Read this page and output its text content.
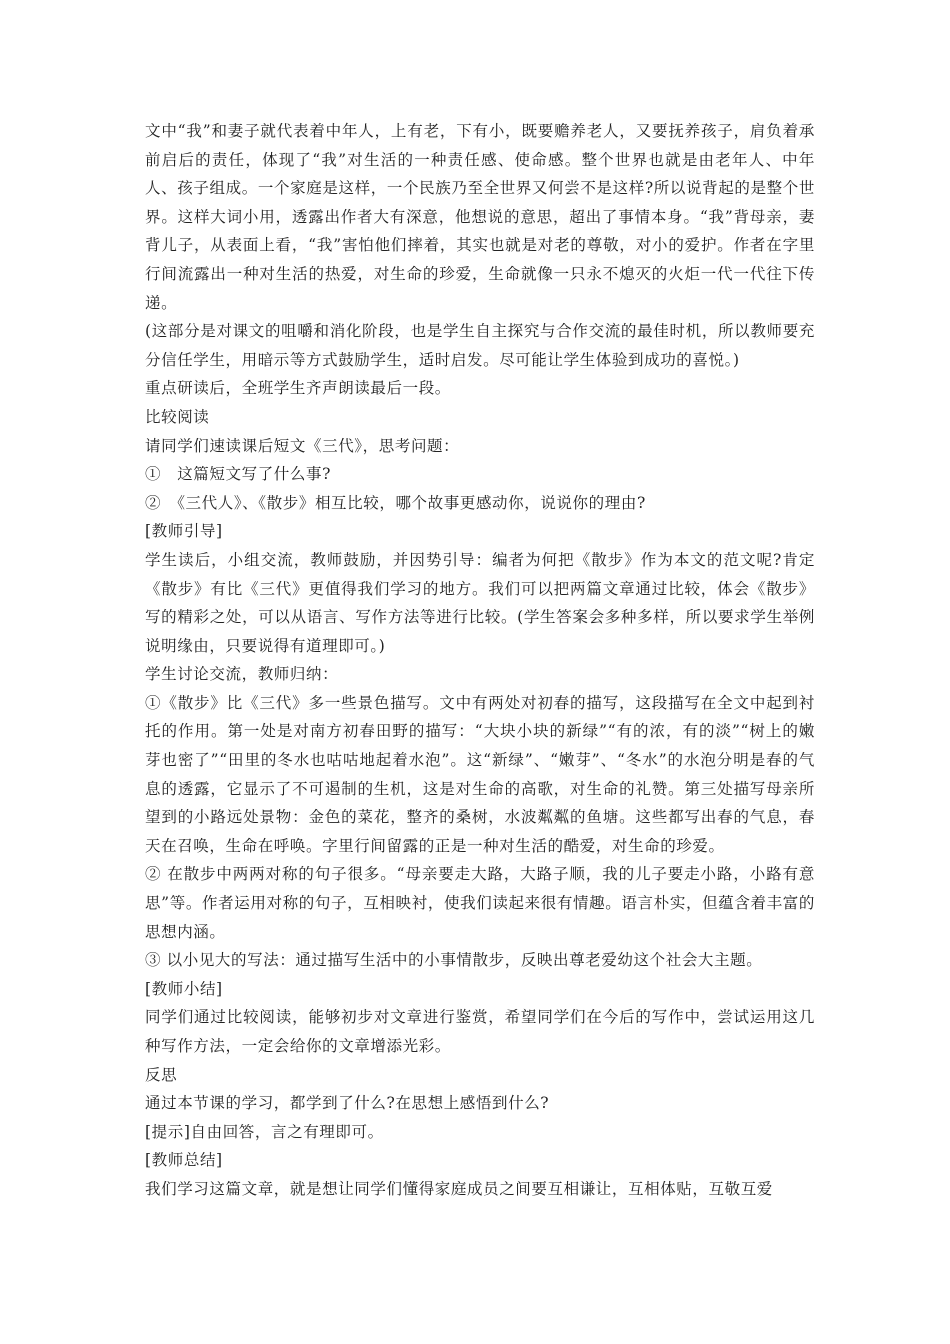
文中“我”和妻子就代表着中年人，上有老，下有小，既要赡养老人，又要抚养孩子，肩负着承前启后的责任，体现了“我”对生活的一种责任感、使命感。整个世界也就是由老年人、中年人、孩子组成。一个家庭是这样，一个民族乃至全世界又何尝不是这样?所以说背起的是整个世界。这样大词小用，透露出作者大有深意，他想说的意思，超出了事情本身。“我”背母亲，妻背儿子，从表面上看，“我”害怕他们摔着，其实也就是对老的尊敬，对小的爱护。作者在字里行间流露出一种对生活的热爱，对生命的珍爱，生命就像一只永不熄灭的火炬一代一代往下传递。

(这部分是对课文的咀嚼和消化阶段，也是学生自主探究与合作交流的最佳时机，所以教师要充分信任学生，用暗示等方式鼓励学生，适时启发。尽可能让学生体验到成功的喜悦。)

重点研读后，全班学生齐声朗读最后一段。

比较阅读

请同学们速读课后短文《三代》，思考问题：

①　这篇短文写了什么事?

②　《三代人》、《散步》相互比较，哪个故事更感动你，说说你的理由?

[教师引导]

学生读后，小组交流，教师鼓励，并因势引导：编者为何把《散步》作为本文的范文呢?肯定《散步》有比《三代》更值得我们学习的地方。我们可以把两篇文章通过比较，体会《散步》写的精彩之处，可以从语言、写作方法等进行比较。(学生答案会多种多样，所以要求学生举例说明缘由，只要说得有道理即可。)

学生讨论交流，教师归纳：

①《散步》比《三代》多一些景色描写。文中有两处对初春的描写，这段描写在全文中起到衬托的作用。第一处是对南方初春田野的描写：“大块小块的新绿”“有的浓，有的淡”“树上的嫩芽也密了”“田里的冬水也咕咕地起着水泡”。这“新绿”、“嫩芽”、“冬水”的水泡分明是春的气息的透露，它显示了不可遏制的生机，这是对生命的高歌，对生命的礼赞。第三处描写母亲所望到的小路远处景物：金色的菜花，整齐的桑树，水波粼粼的鱼塘。这些都写出春的气息，春天在召唤，生命在呼唤。字里行间留露的正是一种对生活的酷爱，对生命的珍爱。

② 在散步中两两对称的句子很多。“母亲要走大路，大路子顺，我的儿子要走小路，小路有意思”等。作者运用对称的句子，互相映衬，使我们读起来很有情趣。语言朴实，但蕴含着丰富的思想内涵。

③ 以小见大的写法：通过描写生活中的小事情散步，反映出尊老爱幼这个社会大主题。

[教师小结]

同学们通过比较阅读，能够初步对文章进行鉴赏，希望同学们在今后的写作中，尝试运用这几种写作方法，一定会给你的文章增添光彩。

反思

通过本节课的学习，都学到了什么?在思想上感悟到什么?

[提示]自由回答，言之有理即可。

[教师总结]

我们学习这篇文章，就是想让同学们懂得家庭成员之间要互相谦让，互相体贴，互敬互爱
